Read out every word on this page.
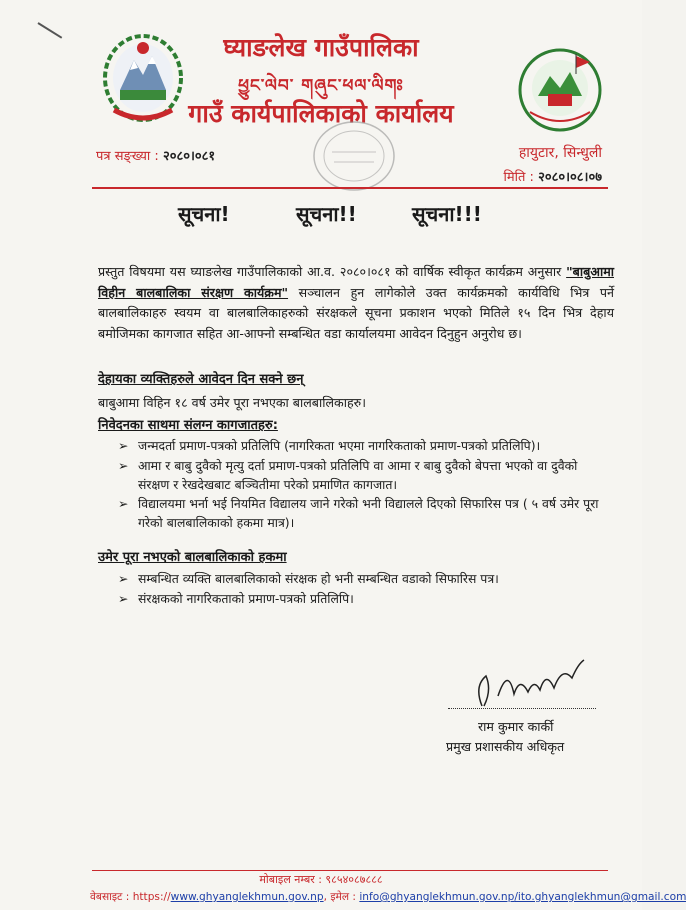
घ्याङलेख गाउँपालिका
ཕྱུང་ལེབ་ གཞུང་ཕལ་ལིགཿ
गाउँ कार्यपालिकाको कार्यालय
पत्र सङ्ख्या : २०८०।०८१	हायुटार, सिन्धुली
मिति : २०८०।०८।०७
सूचना!	सूचना!!	सूचना!!!
प्रस्तुत विषयमा यस घ्याङलेख गाउँपालिकाको आ.व. २०८०।०८१ को वार्षिक स्वीकृत कार्यक्रम अनुसार "बाबुआमा विहीन बालबालिका संरक्षण कार्यक्रम" सञ्चालन हुन लागेकोले उक्त कार्यक्रमको कार्यविधि भित्र पर्ने बालबालिकाहरु स्वयम वा बालबालिकाहरुको संरक्षकले सूचना प्रकाशन भएको मितिले १५ दिन भित्र देहाय बमोजिमका कागजात सहित आ-आफ्नो सम्बन्धित वडा कार्यालयमा आवेदन दिनुहुन अनुरोध छ।
देहायका व्यक्तिहरुले आवेदन दिन सक्ने छन्
बाबुआमा विहिन १८ वर्ष उमेर पूरा नभएका बालबालिकाहरु।
निवेदनका साथमा संलग्न कागजातहरु:
➢ जन्मदर्ता प्रमाण-पत्रको प्रतिलिपि (नागरिकता भएमा नागरिकताको प्रमाण-पत्रको प्रतिलिपि)।
➢ आमा र बाबु दुवैको मृत्यु दर्ता प्रमाण-पत्रको प्रतिलिपि वा आमा र बाबु दुवैको बेपत्ता भएको वा दुवैको संरक्षण र रेखदेखबाट बञ्चितीमा परेको प्रमाणित कागजात।
➢ विद्यालयमा भर्ना भई नियमित विद्यालय जाने गरेको भनी विद्यालले दिएको सिफारिस पत्र ( ५ वर्ष उमेर पूरा गरेको बालबालिकाको हकमा मात्र)।
उमेर पूरा नभएको बालबालिकाको हकमा
➢ सम्बन्धित व्यक्ति बालबालिकाको संरक्षक हो भनी सम्बन्धित वडाको सिफारिस पत्र।
➢ संरक्षकको नागरिकताको प्रमाण-पत्रको प्रतिलिपि।
राम कुमार कार्की
प्रमुख प्रशासकीय अधिकृत
मोबाइल नम्बर : ९८५४०८७८८८
वेबसाइट : https://www.ghyanglekhmun.gov.np, इमेल : info@ghyanglekhmun.gov.np/ito.ghyanglekhmun@gmail.com
